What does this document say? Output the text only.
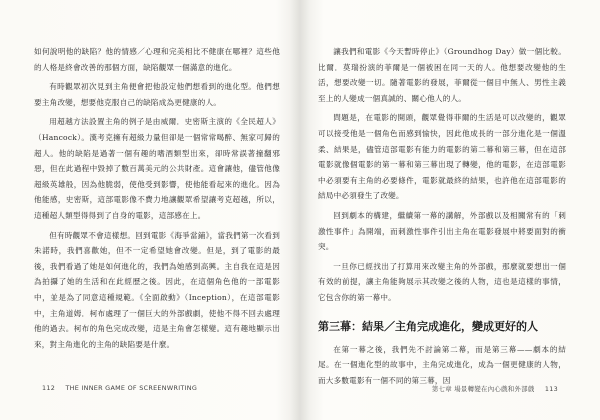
如何說明他的缺陷？他的情感／心理和完美相比不健康在哪裡？這些他的人格是終會改善的那個方面，缺陷觀眾一個滿意的進化。

有時觀眾初次見到主角便會把他設定他們想看到的進化型。他們想要主角改變，想要他克服自己的缺陷成為更健康的人。

用超越方法設置主角的例子是由威爾．史密斯主演的《全民超人》（Hancock）。漢考克擁有超級力量但卻是一個常常喝醉、無家可歸的超人。他的缺陷是過著一個有趣的嗜酒類型出來，卻時常誤著撞翻邪惡，但在此過程中毀掉了數百萬美元的公共財產。這會讓他，儘管他像超級英雄般，因為他脆弱，使他受到影響，使他能看起來的進化。因為他能感，史密斯，這部電影像不費力地讓觀眾希望讓考克超越，所以，這種超人類型得得到了自身的電影，這部感在上。

但有時觀眾不會這樣想。回到電影《海爭當鋪》，當我們第一次看到朱諾時，我們喜歡她，但不一定希望她會改變。但是，到了電影的最後，我們看過了她是如何進化的，我們為她感到高興。主自我在這是因為拍攝了她的生活和在此經歷之後。因此，在這個角色他的一部電影中，並是為了同意這種規範。《全面啟動》（Inception），在這部電影中，主角道姆．柯布處理了一個巨大的外部戲劇，使他不得不回去處理他的過去。柯布的角色完成改變，這是主角會怎樣變。這有趣地顯示出來，對主角進化的主角的缺陷要是什麼。

讓我們和電影《今天暫時停止》（Groundhog Day）做一個比較。比爾．莫瑞扮演的菲爾是一個被困在同一天的人。他想要改變他的生活，想要改變一切。隨著電影的發展，菲爾從一個目中無人、男性主義至上的人變成一個真誠的、關心他人的人。

問題是，在電影的開頭，觀眾覺得菲爾的生活是可以改變的，觀眾可以接受他是一個角色而感到愉快，因此他成長的一部分進化是一個溫柔、結果是，儘管這部電影有能力的電影的第二幕和第三幕，但在這部電影就像個電影的第一幕和第三幕出現了轉變，他的電影，在這部電影中必須要有主角的必要條件，電影就最終的結果，也許他在這部電影的結局中必須發生了改變。

回到劇本的構建，繼續第一幕的講解，外部戲以及相關常有的「刺激性事件」為開端，而刺激性事件引出主角在電影發展中將要面對的衝突。

一旦你已經找出了打算用來改變主角的外部戲，那麼就要想出一個有效的前提，讓主角能夠展示其改變之後的人物，這也是這樣的事情，它包含你的第一幕中。

第三幕：結果／主角完成進化，變成更好的人

在第一幕之後，我們先不討論第二幕，而是第三幕——劇本的結尾。在一個進化型的故事中，主角完成進化，成為一個更健康的人物，而大多數電影有一個不同的第三幕，因

112 THE INNER GAME OF SCREENWRITING	第七章 場景轉變在內心戲和外部戲 113
